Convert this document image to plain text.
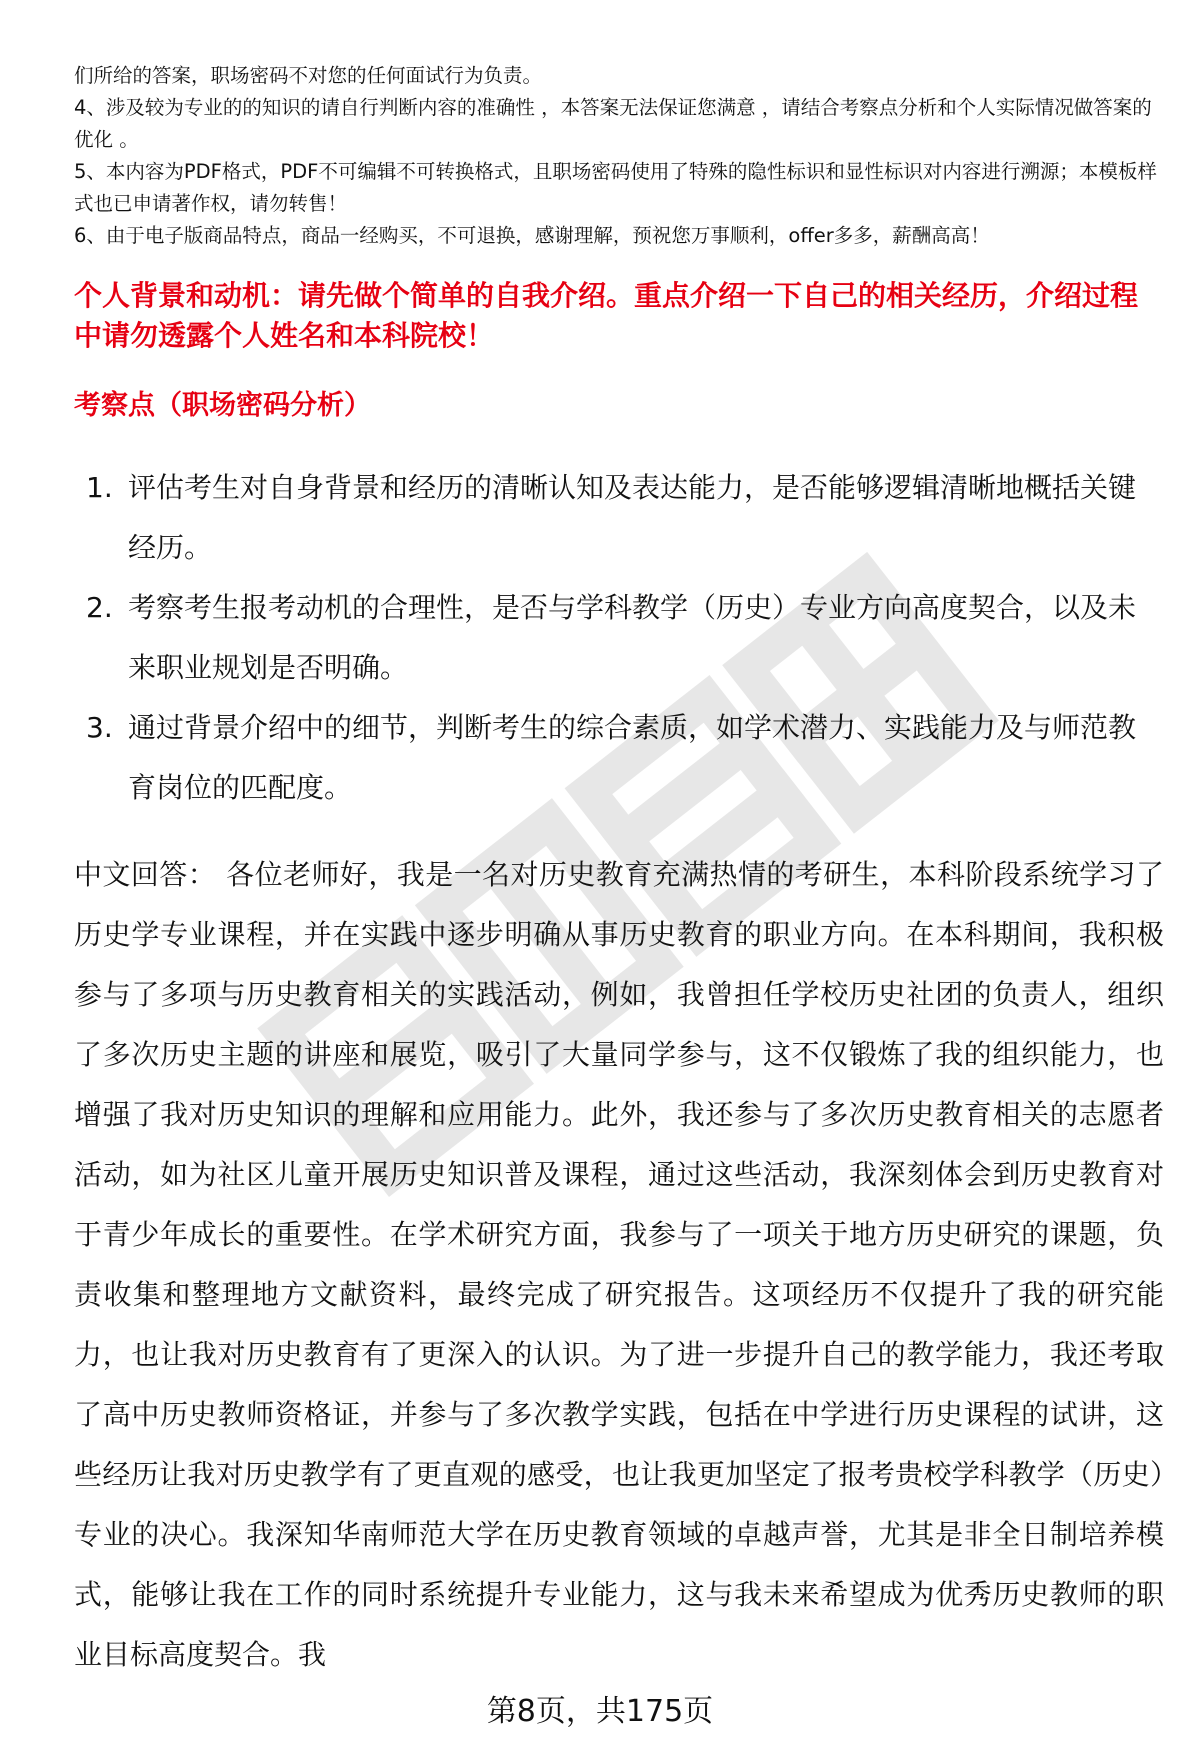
们所给的答案，职场密码不对您的任何面试行为负责。

4、涉及较为专业的的知识的请自行判断内容的准确性 ，本答案无法保证您满意 ，请结合考察点分析和个人实际情况做答案的优化 。

5、本内容为PDF格式，PDF不可编辑不可转换格式，且职场密码使用了特殊的隐性标识和显性标识对内容进行溯源；本模板样式也已申请著作权，请勿转售！

6、由于电子版商品特点，商品一经购买，不可退换，感谢理解，预祝您万事顺利，offer多多，薪酬高高！

个人背景和动机：请先做个简单的自我介绍。重点介绍一下自己的相关经历，介绍过程中请勿透露个人姓名和本科院校！
考察点（职场密码分析）
1. 评估考生对自身背景和经历的清晰认知及表达能力，是否能够逻辑清晰地概括关键经历。
2. 考察考生报考动机的合理性，是否与学科教学（历史）专业方向高度契合，以及未来职业规划是否明确。
3. 通过背景介绍中的细节，判断考生的综合素质，如学术潜力、实践能力及与师范教育岗位的匹配度。

中文回答： 各位老师好，我是一名对历史教育充满热情的考研生，本科阶段系统学习了历史学专业课程，并在实践中逐步明确从事历史教育的职业方向。在本科期间，我积极参与了多项与历史教育相关的实践活动，例如，我曾担任学校历史社团的负责人，组织了多次历史主题的讲座和展览，吸引了大量同学参与，这不仅锻炼了我的组织能力，也增强了我对历史知识的理解和应用能力。此外，我还参与了多次历史教育相关的志愿者活动，如为社区儿童开展历史知识普及课程，通过这些活动，我深刻体会到历史教育对于青少年成长的重要性。在学术研究方面，我参与了一项关于地方历史研究的课题，负责收集和整理地方文献资料，最终完成了研究报告。这项经历不仅提升了我的研究能力，也让我对历史教育有了更深入的认识。为了进一步提升自己的教学能力，我还考取了高中历史教师资格证，并参与了多次教学实践，包括在中学进行历史课程的试讲，这些经历让我对历史教学有了更直观的感受，也让我更加坚定了报考贵校学科教学（历史）专业的决心。我深知华南师范大学在历史教育领域的卓越声誉，尤其是非全日制培养模式，能够让我在工作的同时系统提升专业能力，这与我未来希望成为优秀历史教师的职业目标高度契合。我

第8页，共175页
